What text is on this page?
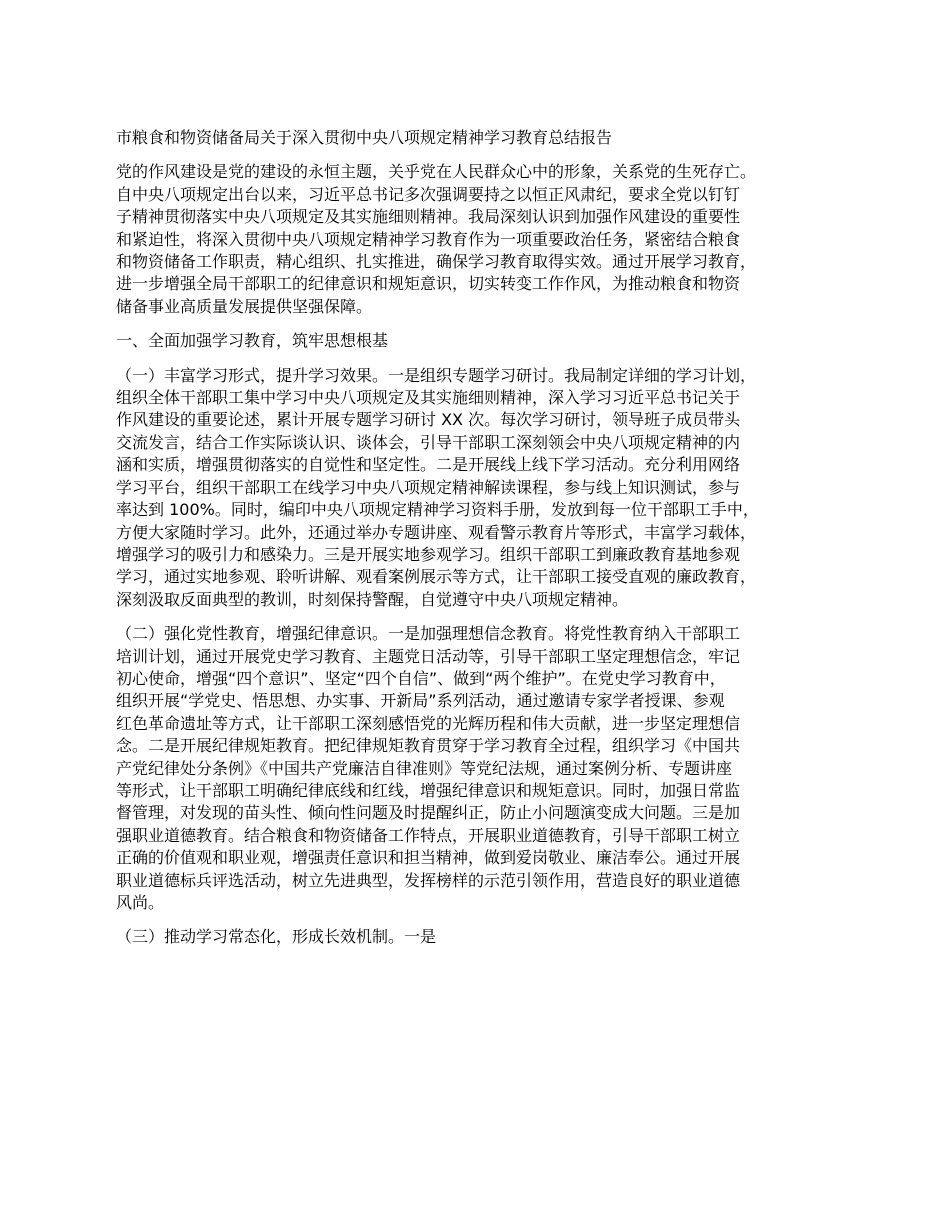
市粮食和物资储备局关于深入贯彻中央八项规定精神学习教育总结报告

党的作风建设是党的建设的永恒主题，关乎党在人民群众心中的形象，关系党的生死存亡。
自中央八项规定出台以来，习近平总书记多次强调要持之以恒正风肃纪，要求全党以钉钉
子精神贯彻落实中央八项规定及其实施细则精神。我局深刻认识到加强作风建设的重要性
和紧迫性，将深入贯彻中央八项规定精神学习教育作为一项重要政治任务，紧密结合粮食
和物资储备工作职责，精心组织、扎实推进，确保学习教育取得实效。通过开展学习教育，
进一步增强全局干部职工的纪律意识和规矩意识，切实转变工作作风，为推动粮食和物资
储备事业高质量发展提供坚强保障。

一、全面加强学习教育，筑牢思想根基

（一）丰富学习形式，提升学习效果。一是组织专题学习研讨。我局制定详细的学习计划，
组织全体干部职工集中学习中央八项规定及其实施细则精神，深入学习习近平总书记关于
作风建设的重要论述，累计开展专题学习研讨 XX 次。每次学习研讨，领导班子成员带头
交流发言，结合工作实际谈认识、谈体会，引导干部职工深刻领会中央八项规定精神的内
涵和实质，增强贯彻落实的自觉性和坚定性。二是开展线上线下学习活动。充分利用网络
学习平台，组织干部职工在线学习中央八项规定精神解读课程，参与线上知识测试，参与
率达到 100%。同时，编印中央八项规定精神学习资料手册，发放到每一位干部职工手中，
方便大家随时学习。此外，还通过举办专题讲座、观看警示教育片等形式，丰富学习载体，
增强学习的吸引力和感染力。三是开展实地参观学习。组织干部职工到廉政教育基地参观
学习，通过实地参观、聆听讲解、观看案例展示等方式，让干部职工接受直观的廉政教育，
深刻汲取反面典型的教训，时刻保持警醒，自觉遵守中央八项规定精神。

（二）强化党性教育，增强纪律意识。一是加强理想信念教育。将党性教育纳入干部职工
培训计划，通过开展党史学习教育、主题党日活动等，引导干部职工坚定理想信念，牢记
初心使命，增强“四个意识”、坚定“四个自信”、做到“两个维护”。在党史学习教育中，
组织开展“学党史、悟思想、办实事、开新局”系列活动，通过邀请专家学者授课、参观
红色革命遗址等方式，让干部职工深刻感悟党的光辉历程和伟大贡献，进一步坚定理想信
念。二是开展纪律规矩教育。把纪律规矩教育贯穿于学习教育全过程，组织学习《中国共
产党纪律处分条例》《中国共产党廉洁自律准则》等党纪法规，通过案例分析、专题讲座
等形式，让干部职工明确纪律底线和红线，增强纪律意识和规矩意识。同时，加强日常监
督管理，对发现的苗头性、倾向性问题及时提醒纠正，防止小问题演变成大问题。三是加
强职业道德教育。结合粮食和物资储备工作特点，开展职业道德教育，引导干部职工树立
正确的价值观和职业观，增强责任意识和担当精神，做到爱岗敬业、廉洁奉公。通过开展
职业道德标兵评选活动，树立先进典型，发挥榜样的示范引领作用，营造良好的职业道德
风尚。

（三）推动学习常态化，形成长效机制。一是
